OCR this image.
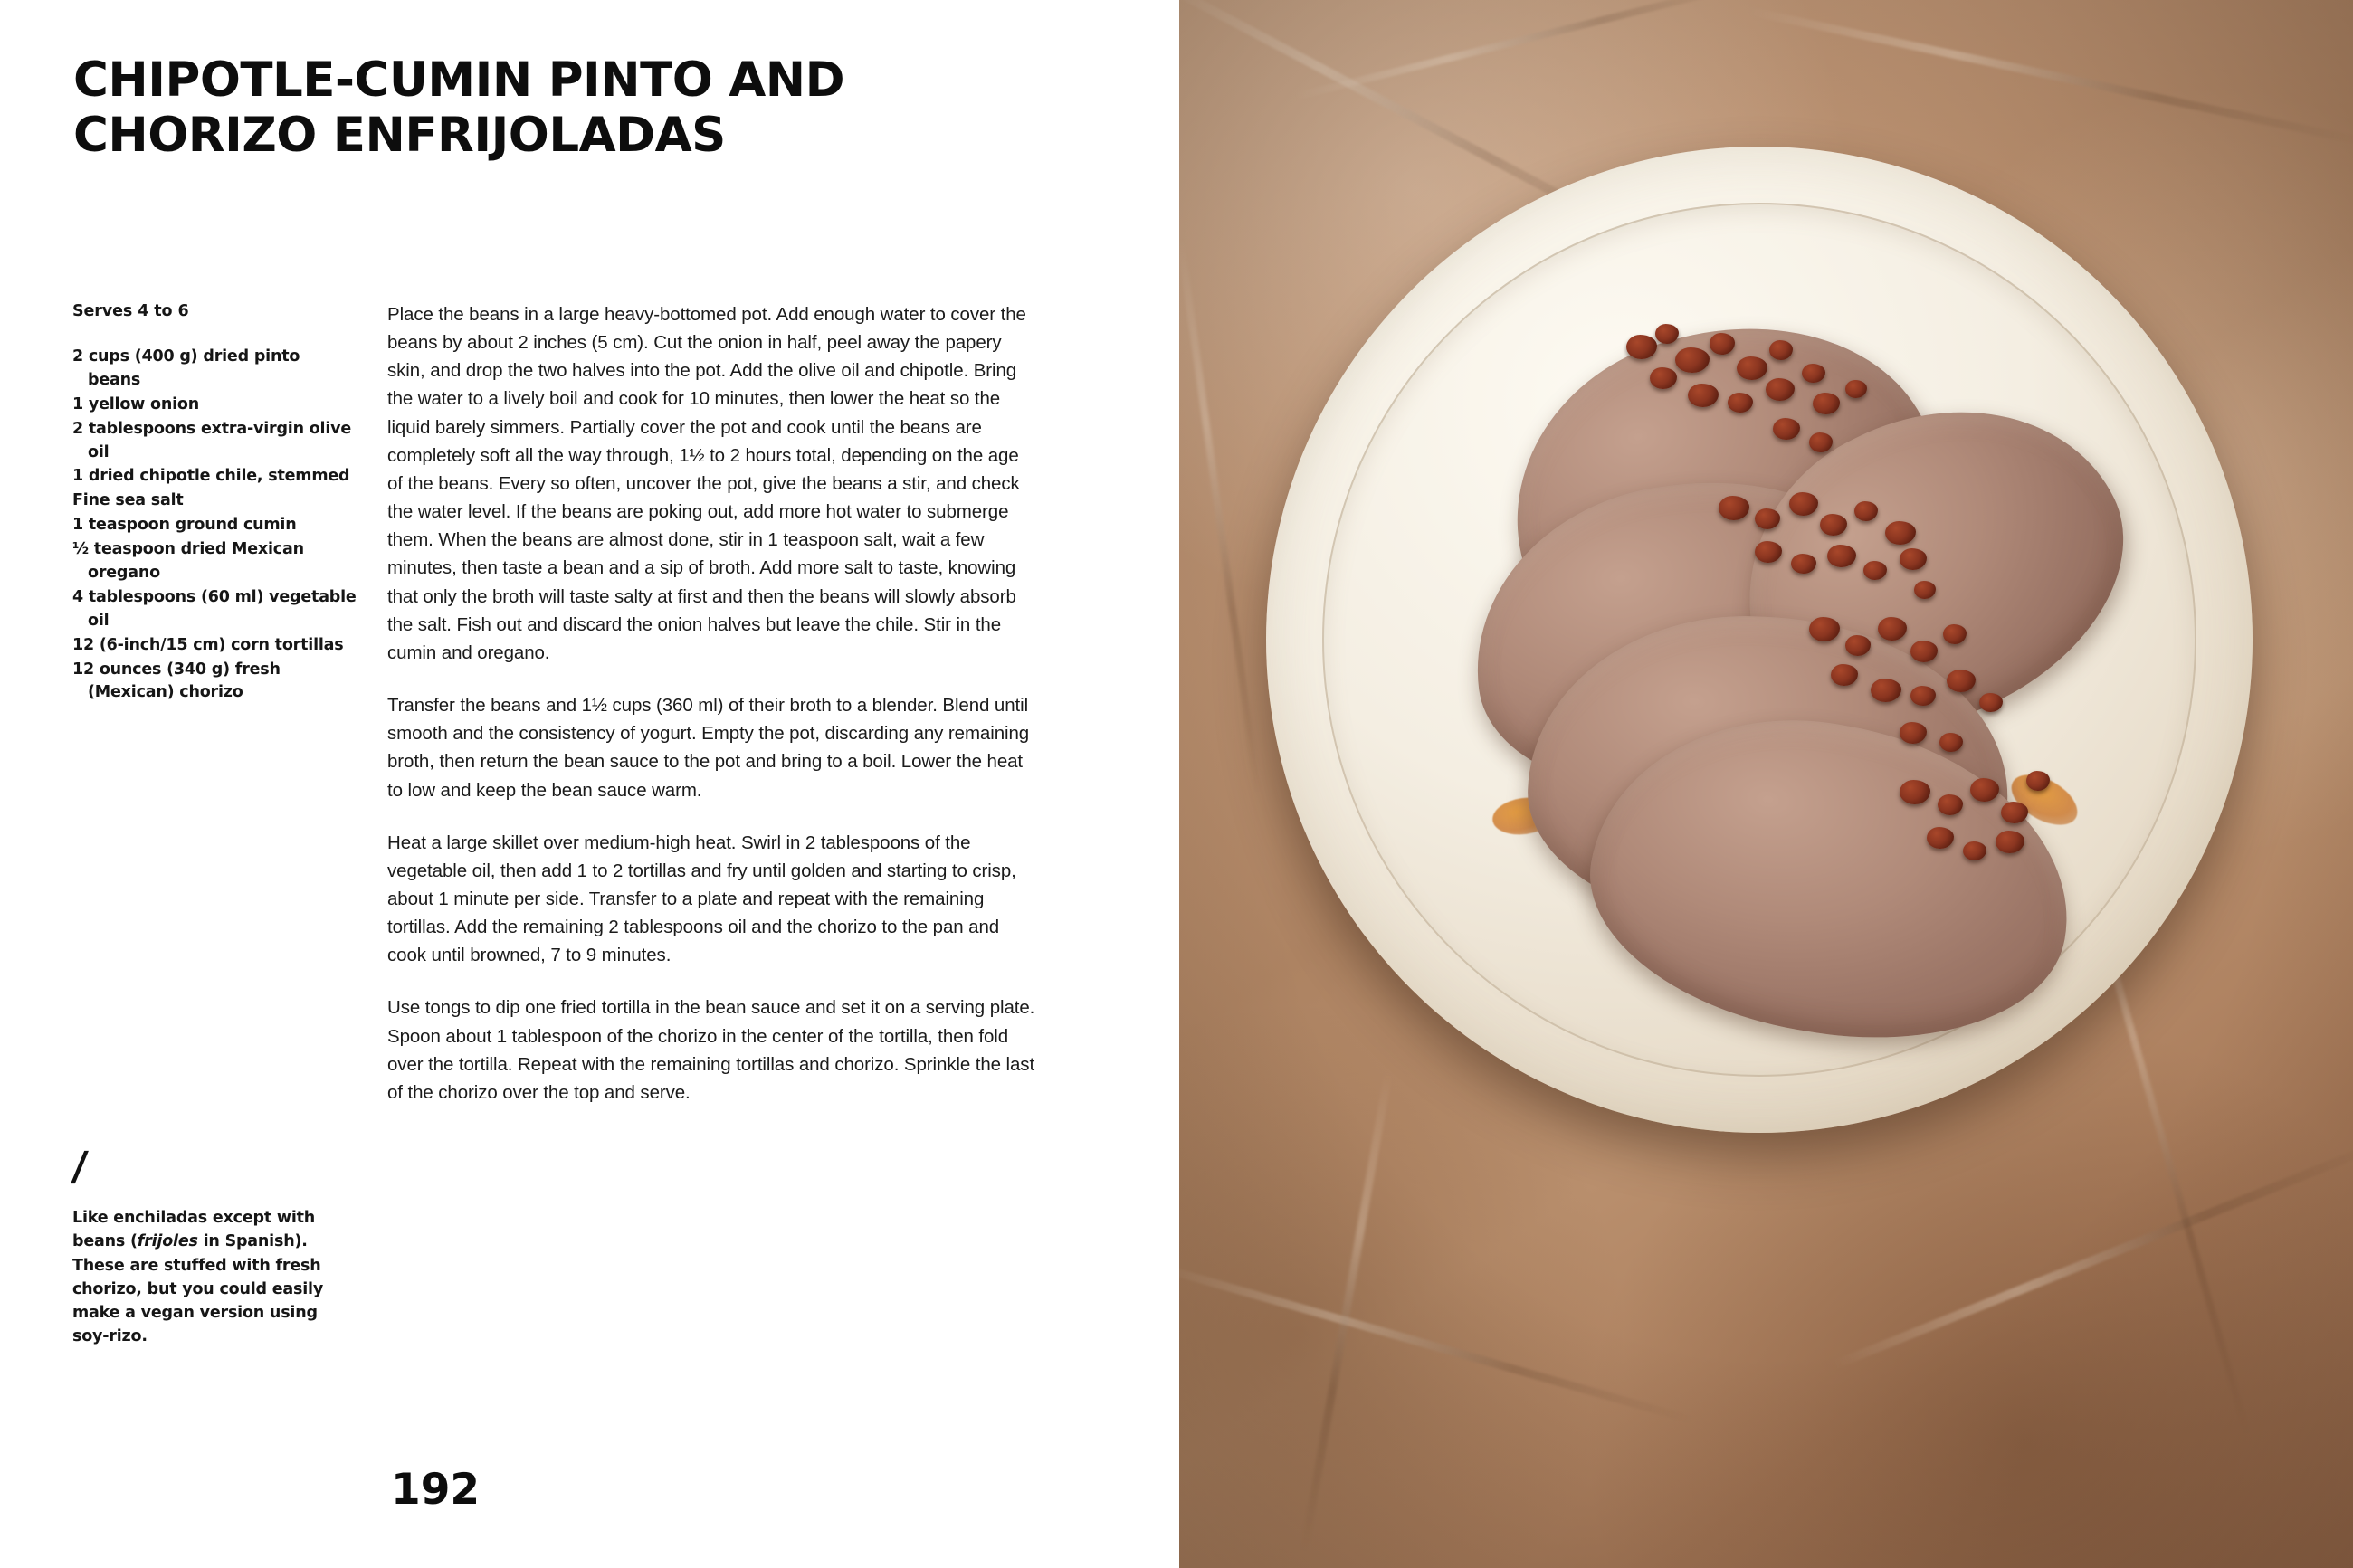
CHIPOTLE-CUMIN PINTO AND CHORIZO ENFRIJOLADAS
Serves 4 to 6
2 cups (400 g) dried pinto beans
1 yellow onion
2 tablespoons extra-virgin olive oil
1 dried chipotle chile, stemmed
Fine sea salt
1 teaspoon ground cumin
½ teaspoon dried Mexican oregano
4 tablespoons (60 ml) vegetable oil
12 (6-inch/15 cm) corn tortillas
12 ounces (340 g) fresh (Mexican) chorizo
/
Like enchiladas except with beans (frijoles in Spanish). These are stuffed with fresh chorizo, but you could easily make a vegan version using soy-rizo.
192

Place the beans in a large heavy-bottomed pot. Add enough water to cover the beans by about 2 inches (5 cm). Cut the onion in half, peel away the papery skin, and drop the two halves into the pot. Add the olive oil and chipotle. Bring the water to a lively boil and cook for 10 minutes, then lower the heat so the liquid barely simmers. Partially cover the pot and cook until the beans are completely soft all the way through, 1½ to 2 hours total, depending on the age of the beans. Every so often, uncover the pot, give the beans a stir, and check the water level. If the beans are poking out, add more hot water to submerge them. When the beans are almost done, stir in 1 teaspoon salt, wait a few minutes, then taste a bean and a sip of broth. Add more salt to taste, knowing that only the broth will taste salty at first and then the beans will slowly absorb the salt. Fish out and discard the onion halves but leave the chile. Stir in the cumin and oregano.

Transfer the beans and 1½ cups (360 ml) of their broth to a blender. Blend until smooth and the consistency of yogurt. Empty the pot, discarding any remaining broth, then return the bean sauce to the pot and bring to a boil. Lower the heat to low and keep the bean sauce warm.

Heat a large skillet over medium-high heat. Swirl in 2 tablespoons of the vegetable oil, then add 1 to 2 tortillas and fry until golden and starting to crisp, about 1 minute per side. Transfer to a plate and repeat with the remaining tortillas. Add the remaining 2 tablespoons oil and the chorizo to the pan and cook until browned, 7 to 9 minutes.

Use tongs to dip one fried tortilla in the bean sauce and set it on a serving plate. Spoon about 1 tablespoon of the chorizo in the center of the tortilla, then fold over the tortilla. Repeat with the remaining tortillas and chorizo. Sprinkle the last of the chorizo over the top and serve.
